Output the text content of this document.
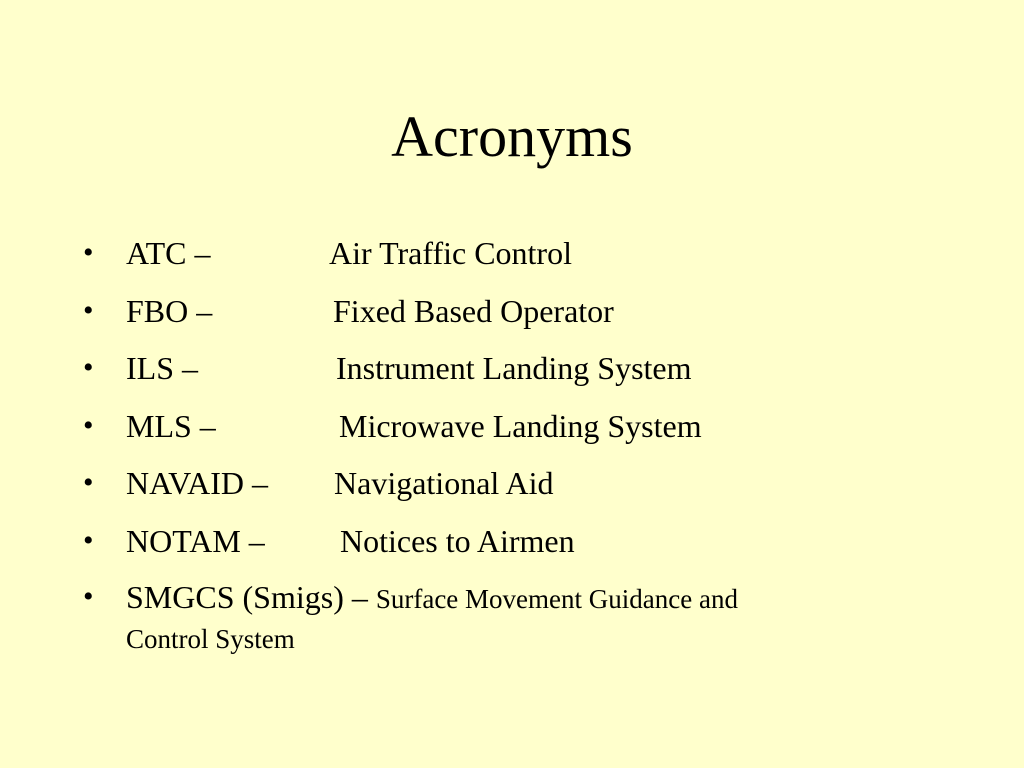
Acronyms
• ATC –	Air Traffic Control
• FBO –	Fixed Based Operator
• ILS –	Instrument Landing System
• MLS –	Microwave Landing System
• NAVAID – Navigational Aid
• NOTAM – Notices to Airmen
• SMGCS (Smigs) – Surface Movement Guidance and
Control System
